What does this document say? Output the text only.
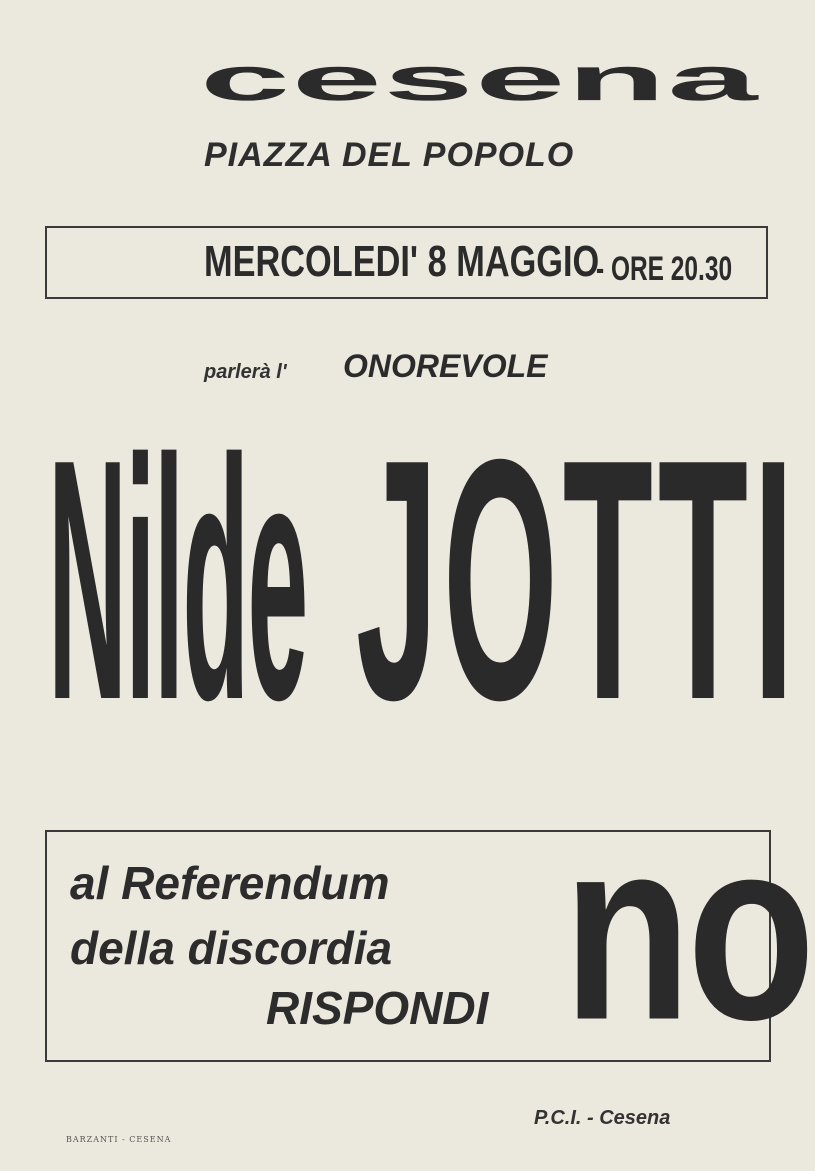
cesena
PIAZZA DEL POPOLO
MERCOLEDI' 8 MAGGIO
- ORE 20.30
parlerà l' ONOREVOLE
Nilde JOTTI
al Referendum
della discordia
RISPONDI no
P.C.I. - Cesena
BARZANTI - CESENA
